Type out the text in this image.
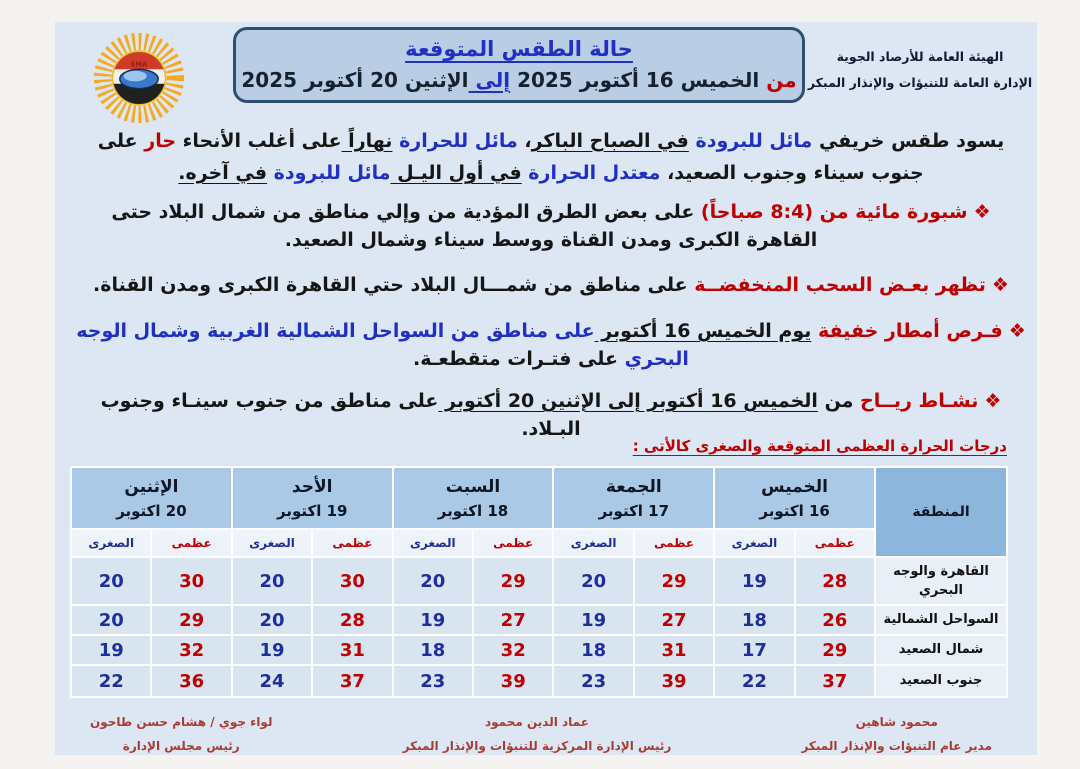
EMA
حالة الطقس المتوقعة
من الخميس 16 أكتوبر 2025 إلى الإثنين 20 أكتوبر 2025
الهيئة العامة للأرصاد الجوية
الإدارة العامة للتنبؤات والإنذار المبكر
يسود طقس خريفي مائل للبرودة في الصباح الباكر، مائل للحرارة نهاراً على أغلب الأنحاء حار على جنوب سيناء وجنوب الصعيد، معتدل الحرارة في أول اليـل مائل للبرودة في آخره.
❖شبورة مائية من (8:4 صباحاً) على بعض الطرق المؤدية من وإلي مناطق من شمال البلاد حتى القاهرة الكبرى ومدن القناة ووسط سيناء وشمال الصعيد.
❖تظهر بعـض السحب المنخفضــة على مناطق من شمـــال البلاد حتي القاهرة الكبرى ومدن القناة.
❖فـرص أمطار خفيفة يوم الخميس 16 أكتوبر على مناطق من السواحل الشمالية الغربية وشمال الوجه البحري على فتـرات متقطعـة.
❖نشـاط ريــاح من الخميس 16 أكتوبر إلى الإثنين 20 أكتوبر على مناطق من جنوب سينـاء وجنوب البـلاد.
درجات الحرارة العظمى المتوقعة والصغرى كالأتى :
المنطقة	
الخميس
16 اكتوبر

الجمعة
17 اكتوبر

السبت
18 اكتوبر

الأحد
19 اكتوبر

الإثنين
20 اكتوبر

	عظمى	الصغرى	عظمى	الصغرى	عظمى	الصغرى	عظمى	الصغرى	عظمى	الصغرى
القاهرة والوجه البحري	28	19	29	20	29	20	30	20	30	20
السواحل الشمالية	26	18	27	19	27	19	28	20	29	20
شمال الصعيد	29	17	31	18	32	18	31	19	32	19
جنوب الصعيد	37	22	39	23	39	23	37	24	36	22
محمود شاهين
مدير عام التنبؤات والإنذار المبكر
عماد الدين محمود
رئيس الإدارة المركزية للتنبؤات والإنذار المبكر
لواء جوي / هشام حسن طاحون
رئيس مجلس الإدارة
